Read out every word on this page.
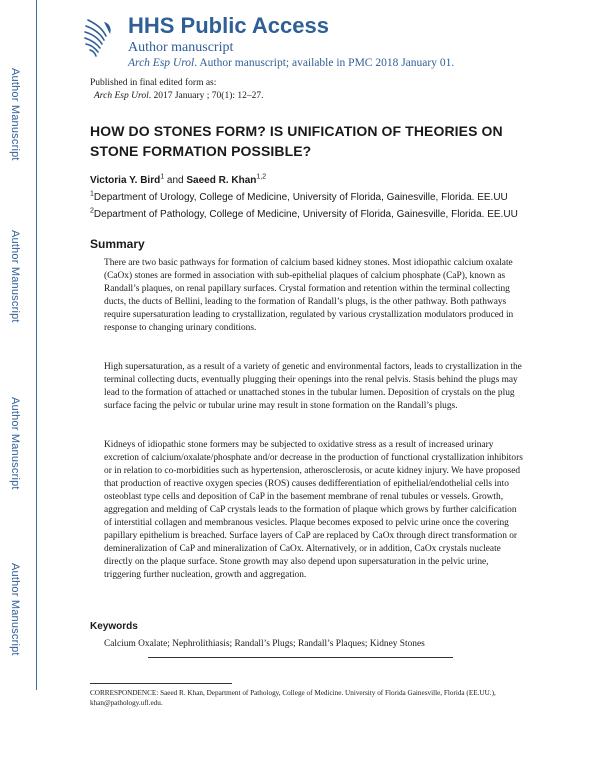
Author Manuscript
Author Manuscript
Author Manuscript
Author Manuscript
HHS Public Access
Author manuscript
Arch Esp Urol. Author manuscript; available in PMC 2018 January 01.
Published in final edited form as:
Arch Esp Urol. 2017 January ; 70(1): 12–27.
HOW DO STONES FORM? IS UNIFICATION OF THEORIES ON STONE FORMATION POSSIBLE?
Victoria Y. Bird$^1$ and Saeed R. Khan$^{1,2}$
$^1$Department of Urology, College of Medicine, University of Florida, Gainesville, Florida. EE.UU
$^2$Department of Pathology, College of Medicine, University of Florida, Gainesville, Florida. EE.UU
Summary
There are two basic pathways for formation of calcium based kidney stones. Most idiopathic calcium oxalate (CaOx) stones are formed in association with sub-epithelial plaques of calcium phosphate (CaP), known as Randall’s plaques, on renal papillary surfaces. Crystal formation and retention within the terminal collecting ducts, the ducts of Bellini, leading to the formation of Randall’s plugs, is the other pathway. Both pathways require supersaturation leading to crystallization, regulated by various crystallization modulators produced in response to changing urinary conditions.
High supersaturation, as a result of a variety of genetic and environmental factors, leads to crystallization in the terminal collecting ducts, eventually plugging their openings into the renal pelvis. Stasis behind the plugs may lead to the formation of attached or unattached stones in the tubular lumen. Deposition of crystals on the plug surface facing the pelvic or tubular urine may result in stone formation on the Randall’s plugs.
Kidneys of idiopathic stone formers may be subjected to oxidative stress as a result of increased urinary excretion of calcium/oxalate/phosphate and/or decrease in the production of functional crystallization inhibitors or in relation to co-morbidities such as hypertension, atherosclerosis, or acute kidney injury. We have proposed that production of reactive oxygen species (ROS) causes dedifferentiation of epithelial/endothelial cells into osteoblast type cells and deposition of CaP in the basement membrane of renal tubules or vessels. Growth, aggregation and melding of CaP crystals leads to the formation of plaque which grows by further calcification of interstitial collagen and membranous vesicles. Plaque becomes exposed to pelvic urine once the covering papillary epithelium is breached. Surface layers of CaP are replaced by CaOx through direct transformation or demineralization of CaP and mineralization of CaOx. Alternatively, or in addition, CaOx crystals nucleate directly on the plaque surface. Stone growth may also depend upon supersaturation in the pelvic urine, triggering further nucleation, growth and aggregation.
Keywords
Calcium Oxalate; Nephrolithiasis; Randall’s Plugs; Randall’s Plaques; Kidney Stones
CORRESPONDENCE: Saeed R. Khan, Department of Pathology, College of Medicine. University of Florida Gainesville, Florida (EE.UU.), khan@pathology.ufl.edu.
